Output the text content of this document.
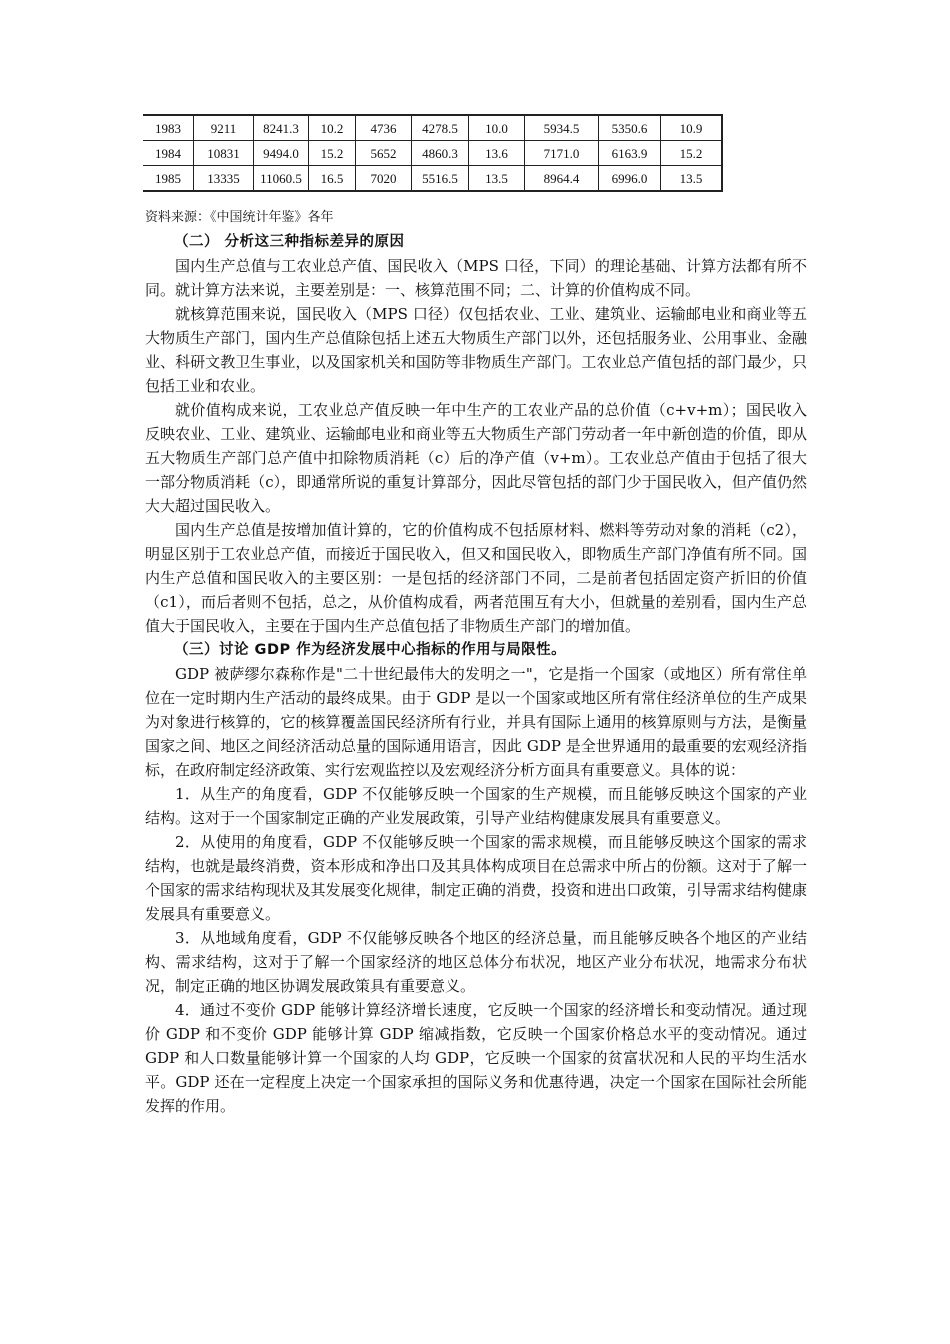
1983	9211	8241.3	10.2	4736	4278.5	10.0	5934.5	5350.6	10.9
1984	10831	9494.0	15.2	5652	4860.3	13.6	7171.0	6163.9	15.2
1985	13335	11060.5	16.5	7020	5516.5	13.5	8964.4	6996.0	13.5
资料来源：《中国统计年鉴》各年

（二） 分析这三种指标差异的原因

国内生产总值与工农业总产值、国民收入（MPS 口径，下同）的理论基础、计算方法都有所不同。就计算方法来说，主要差别是：一、核算范围不同；二、计算的价值构成不同。

就核算范围来说，国民收入（MPS 口径）仅包括农业、工业、建筑业、运输邮电业和商业等五大物质生产部门，国内生产总值除包括上述五大物质生产部门以外，还包括服务业、公用事业、金融业、科研文教卫生事业，以及国家机关和国防等非物质生产部门。工农业总产值包括的部门最少，只包括工业和农业。

就价值构成来说，工农业总产值反映一年中生产的工农业产品的总价值（c+v+m）；国民收入反映农业、工业、建筑业、运输邮电业和商业等五大物质生产部门劳动者一年中新创造的价值，即从五大物质生产部门总产值中扣除物质消耗（c）后的净产值（v+m）。工农业总产值由于包括了很大一部分物质消耗（c），即通常所说的重复计算部分，因此尽管包括的部门少于国民收入，但产值仍然大大超过国民收入。

国内生产总值是按增加值计算的，它的价值构成不包括原材料、燃料等劳动对象的消耗（c2），明显区别于工农业总产值，而接近于国民收入，但又和国民收入，即物质生产部门净值有所不同。国内生产总值和国民收入的主要区别：一是包括的经济部门不同，二是前者包括固定资产折旧的价值（c1），而后者则不包括，总之，从价值构成看，两者范围互有大小，但就量的差别看，国内生产总值大于国民收入，主要在于国内生产总值包括了非物质生产部门的增加值。

（三）讨论 GDP 作为经济发展中心指标的作用与局限性。

GDP 被萨缪尔森称作是"二十世纪最伟大的发明之一"，它是指一个国家（或地区）所有常住单位在一定时期内生产活动的最终成果。由于 GDP 是以一个国家或地区所有常住经济单位的生产成果为对象进行核算的，它的核算覆盖国民经济所有行业，并具有国际上通用的核算原则与方法，是衡量国家之间、地区之间经济活动总量的国际通用语言，因此 GDP 是全世界通用的最重要的宏观经济指标，在政府制定经济政策、实行宏观监控以及宏观经济分析方面具有重要意义。具体的说：

1．从生产的角度看，GDP 不仅能够反映一个国家的生产规模，而且能够反映这个国家的产业结构。这对于一个国家制定正确的产业发展政策，引导产业结构健康发展具有重要意义。

2．从使用的角度看，GDP 不仅能够反映一个国家的需求规模，而且能够反映这个国家的需求结构，也就是最终消费，资本形成和净出口及其具体构成项目在总需求中所占的份额。这对于了解一个国家的需求结构现状及其发展变化规律，制定正确的消费，投资和进出口政策，引导需求结构健康发展具有重要意义。

3．从地域角度看，GDP 不仅能够反映各个地区的经济总量，而且能够反映各个地区的产业结构、需求结构，这对于了解一个国家经济的地区总体分布状况，地区产业分布状况，地需求分布状况，制定正确的地区协调发展政策具有重要意义。

4．通过不变价 GDP 能够计算经济增长速度，它反映一个国家的经济增长和变动情况。通过现价 GDP 和不变价 GDP 能够计算 GDP 缩减指数，它反映一个国家价格总水平的变动情况。通过 GDP 和人口数量能够计算一个国家的人均 GDP，它反映一个国家的贫富状况和人民的平均生活水平。GDP 还在一定程度上决定一个国家承担的国际义务和优惠待遇，决定一个国家在国际社会所能发挥的作用。
